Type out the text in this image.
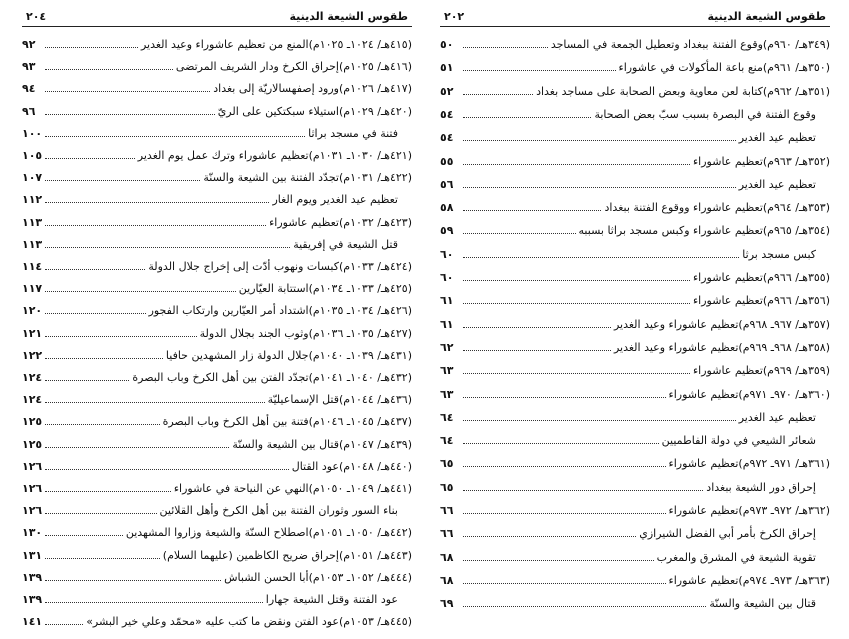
طقوس الشيعة الدينية
٢٠٤
(٤١٥هـ/ ١٠٢٤ـ ١٠٢٥م)المنع من تعظيم عاشوراء وعيد الغدير
٩٢
(٤١٦هـ/ ١٠٢٥م)إحراق الكرخ ودار الشريف المرتضى
٩٣
(٤١٧هـ/ ١٠٢٦م)ورود إصفهسالاريّة إلى بغداد
٩٤
(٤٢٠هـ/ ١٠٢٩م)استيلاء سبكتكين على الريّ
٩٦
فتنة في مسجد براثا
١٠٠
(٤٢١هـ/ ١٠٣٠ـ ١٠٣١م)تعظيم عاشوراء وترك عمل يوم الغدير
١٠٥
(٤٢٢هـ/ ١٠٣١م)تجدّد الفتنة بين الشيعة والسنّة
١٠٧
تعظيم عيد الغدير ويوم الغار
١١٢
(٤٢٣هـ/ ١٠٣٢م)تعظيم عاشوراء
١١٣
قتل الشيعة في إفريقية
١١٣
(٤٢٤هـ/ ١٠٣٣م)كبسات ونهوب أدّت إلى إخراج جلال الدولة
١١٤
(٤٢٥هـ/ ١٠٣٣ـ ١٠٣٤م)استتابة العيّارين
١١٧
(٤٢٦هـ/ ١٠٣٤ـ ١٠٣٥م)اشتداد أمر العيّارين وارتكاب الفجور
١٢٠
(٤٢٧هـ/ ١٠٣٥ـ ١٠٣٦م)وثوب الجند بجلال الدولة
١٢١
(٤٣١هـ/ ١٠٣٩ـ ١٠٤٠م)جلال الدولة زار المشهدين حافيا
١٢٢
(٤٣٢هـ/ ١٠٤٠ـ ١٠٤١م)تجدّد الفتن بين أهل الكرخ وباب البصرة
١٢٤
(٤٣٦هـ/ ١٠٤٤م)قتل الإسماعيليّة
١٢٤
(٤٣٧هـ/ ١٠٤٥ـ ١٠٤٦م)فتنة بين أهل الكرخ وباب البصرة
١٢٥
(٤٣٩هـ/ ١٠٤٧م)قتال بين الشيعة والسنّة
١٢٥
(٤٤٠هـ/ ١٠٤٨م)عود القتال
١٢٦
(٤٤١هـ/ ١٠٤٩ـ ١٠٥٠م)النهي عن النياحة في عاشوراء
١٢٦
بناء السور وثوران الفتنة بين أهل الكرخ وأهل القلائين
١٢٦
(٤٤٢هـ/ ١٠٥٠ـ ١٠٥١م)اصطلاح السنّة والشيعة وزاروا المشهدين
١٣٠
(٤٤٣هـ/ ١٠٥١م)إحراق ضريح الكاظمين (عليهما السلام)
١٣١
(٤٤٤هـ/ ١٠٥٢ـ ١٠٥٣م)أبا الحسن الشباش
١٣٩
عود الفتنة وقتل الشيعة جهارا
١٣٩
(٤٤٥هـ/ ١٠٥٣م)عود الفتن ونقض ما كتب عليه «محمّد وعلي خير البشر»
١٤١
طقوس الشيعة الدينية
٢٠٢
(٣٤٩هـ/ ٩٦٠م)وقوع الفتنة ببغداد وتعطيل الجمعة في المساجد
٥٠
(٣٥٠هـ/ ٩٦١م)منع باعة المأكولات في عاشوراء
٥١
(٣٥١هـ/ ٩٦٢م)كتابة لعن معاوية وبعض الصحابة على مساجد بغداد
٥٢
وقوع الفتنة في البصرة بسبب سبّ بعض الصحابة
٥٤
تعظيم عيد الغدير
٥٤
(٣٥٢هـ/ ٩٦٣م)تعظيم عاشوراء
٥٥
تعظيم عيد الغدير
٥٦
(٣٥٣هـ/ ٩٦٤م)تعظيم عاشوراء ووقوع الفتنة ببغداد
٥٨
(٣٥٤هـ/ ٩٦٥م)تعظيم عاشوراء وكبس مسجد براثا بسببه
٥٩
كبس مسجد برثا
٦٠
(٣٥٥هـ/ ٩٦٦م)تعظيم عاشوراء
٦٠
(٣٥٦هـ/ ٩٦٦م)تعظيم عاشوراء
٦١
(٣٥٧هـ/ ٩٦٧ـ ٩٦٨م)تعظيم عاشوراء وعيد الغدير
٦١
(٣٥٨هـ/ ٩٦٨ـ ٩٦٩م)تعظيم عاشوراء وعيد الغدير
٦٢
(٣٥٩هـ/ ٩٦٩م)تعظيم عاشوراء
٦٣
(٣٦٠هـ/ ٩٧٠ـ ٩٧١م)تعظيم عاشوراء
٦٣
تعظيم عيد الغدير
٦٤
شعائر الشيعي في دولة الفاطميين
٦٤
(٣٦١هـ/ ٩٧١ـ ٩٧٢م)تعظيم عاشوراء
٦٥
إحراق دور الشيعة ببغداد
٦٥
(٣٦٢هـ/ ٩٧٢ـ ٩٧٣م)تعظيم عاشوراء
٦٦
إحراق الكرخ بأمر أبي الفضل الشيرازي
٦٦
تقوية الشيعة في المشرق والمغرب
٦٨
(٣٦٣هـ/ ٩٧٣ـ ٩٧٤م)تعظيم عاشوراء
٦٨
قتال بين الشيعة والسنّة
٦٩
